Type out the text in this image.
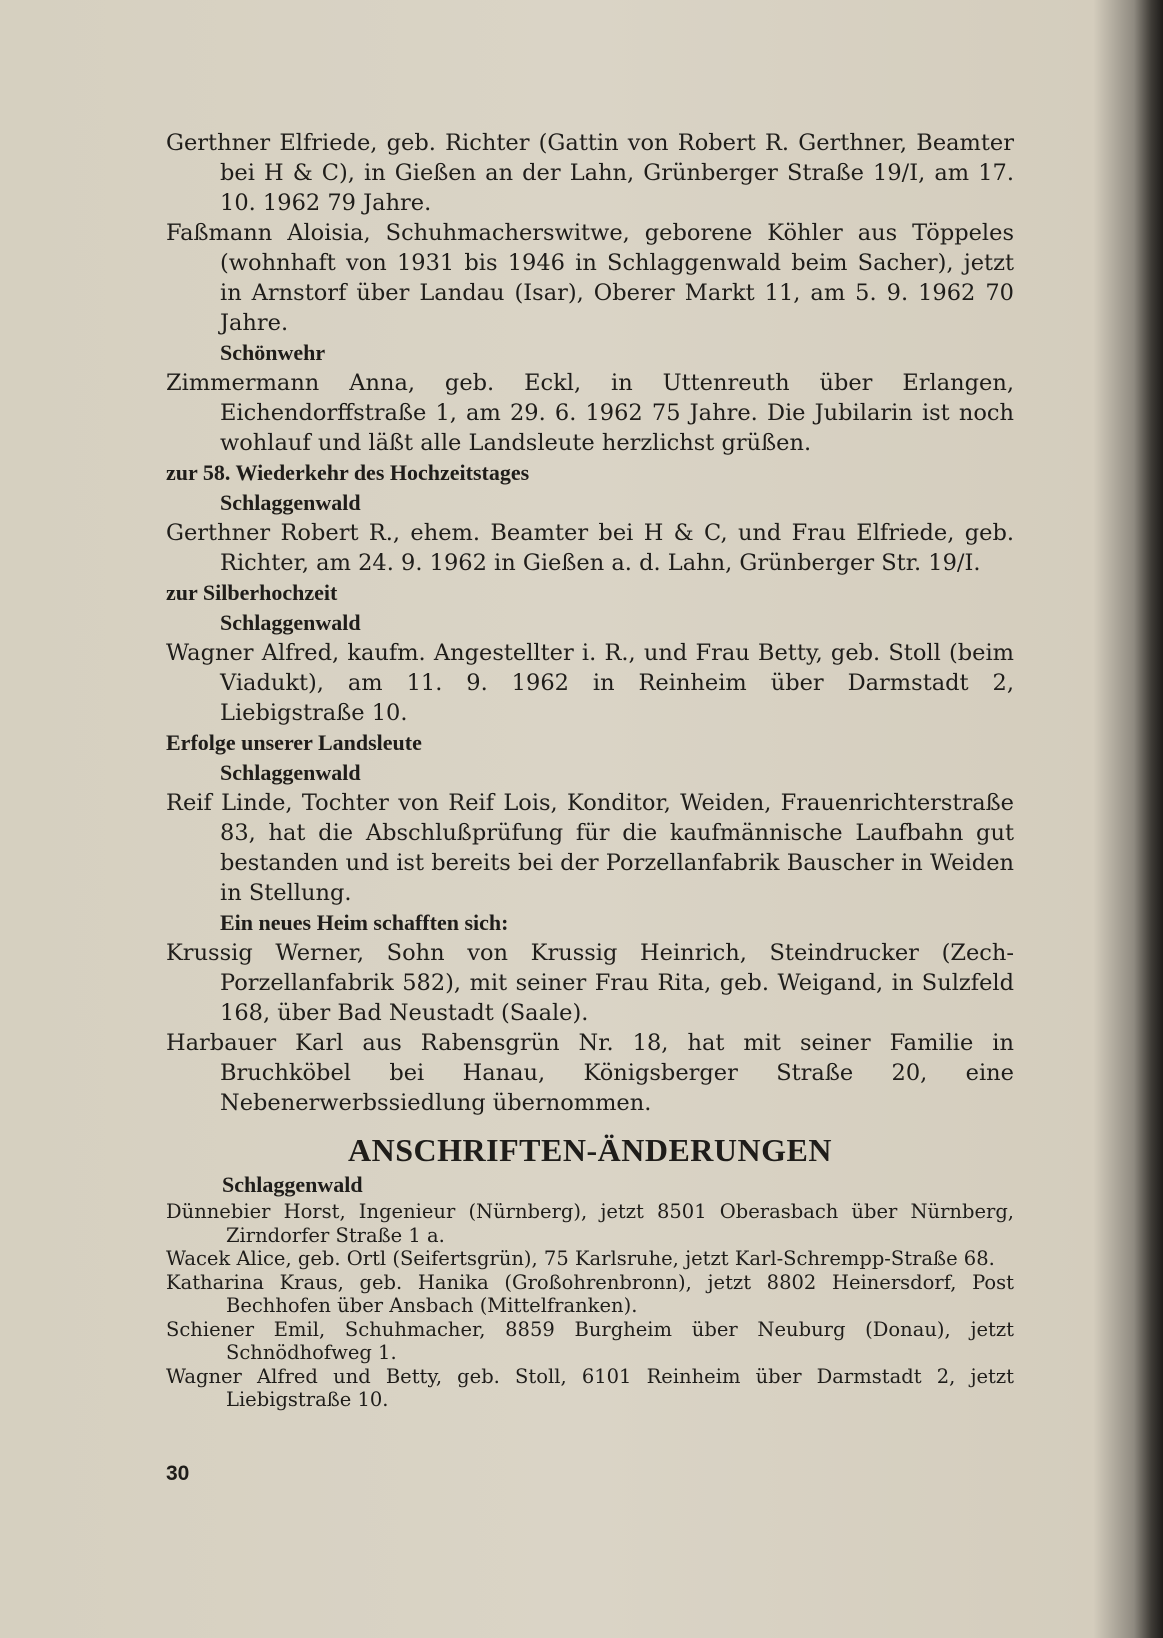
Gerthner Elfriede, geb. Richter (Gattin von Robert R. Gerthner, Beamter bei H & C), in Gießen an der Lahn, Grünberger Straße 19/I, am 17. 10. 1962 79 Jahre.

Faßmann Aloisia, Schuhmacherswitwe, geborene Köhler aus Töppeles (wohnhaft von 1931 bis 1946 in Schlaggenwald beim Sacher), jetzt in Arnstorf über Landau (Isar), Oberer Markt 11, am 5. 9. 1962 70 Jahre.

Schönwehr

Zimmermann Anna, geb. Eckl, in Uttenreuth über Erlangen, Eichendorffstraße 1, am 29. 6. 1962 75 Jahre. Die Jubilarin ist noch wohlauf und läßt alle Landsleute herzlichst grüßen.

zur 58. Wiederkehr des Hochzeitstages

Schlaggenwald

Gerthner Robert R., ehem. Beamter bei H & C, und Frau Elfriede, geb. Richter, am 24. 9. 1962 in Gießen a. d. Lahn, Grünberger Str. 19/I.

zur Silberhochzeit

Schlaggenwald

Wagner Alfred, kaufm. Angestellter i. R., und Frau Betty, geb. Stoll (beim Viadukt), am 11. 9. 1962 in Reinheim über Darmstadt 2, Liebigstraße 10.

Erfolge unserer Landsleute

Schlaggenwald

Reif Linde, Tochter von Reif Lois, Konditor, Weiden, Frauenrichterstraße 83, hat die Abschlußprüfung für die kaufmännische Laufbahn gut bestanden und ist bereits bei der Porzellanfabrik Bauscher in Weiden in Stellung.

Ein neues Heim schafften sich:

Krussig Werner, Sohn von Krussig Heinrich, Steindrucker (Zech-Porzellanfabrik 582), mit seiner Frau Rita, geb. Weigand, in Sulzfeld 168, über Bad Neustadt (Saale).

Harbauer Karl aus Rabensgrün Nr. 18, hat mit seiner Familie in Bruchköbel bei Hanau, Königsberger Straße 20, eine Nebenerwerbssiedlung übernommen.

ANSCHRIFTEN-ÄNDERUNGEN

Schlaggenwald

Dünnebier Horst, Ingenieur (Nürnberg), jetzt 8501 Oberasbach über Nürnberg, Zirndorfer Straße 1 a.

Wacek Alice, geb. Ortl (Seifertsgrün), 75 Karlsruhe, jetzt Karl-Schrempp-Straße 68.

Katharina Kraus, geb. Hanika (Großohrenbronn), jetzt 8802 Heinersdorf, Post Bechhofen über Ansbach (Mittelfranken).

Schiener Emil, Schuhmacher, 8859 Burgheim über Neuburg (Donau), jetzt Schnödhofweg 1.

Wagner Alfred und Betty, geb. Stoll, 6101 Reinheim über Darmstadt 2, jetzt Liebigstraße 10.

30
